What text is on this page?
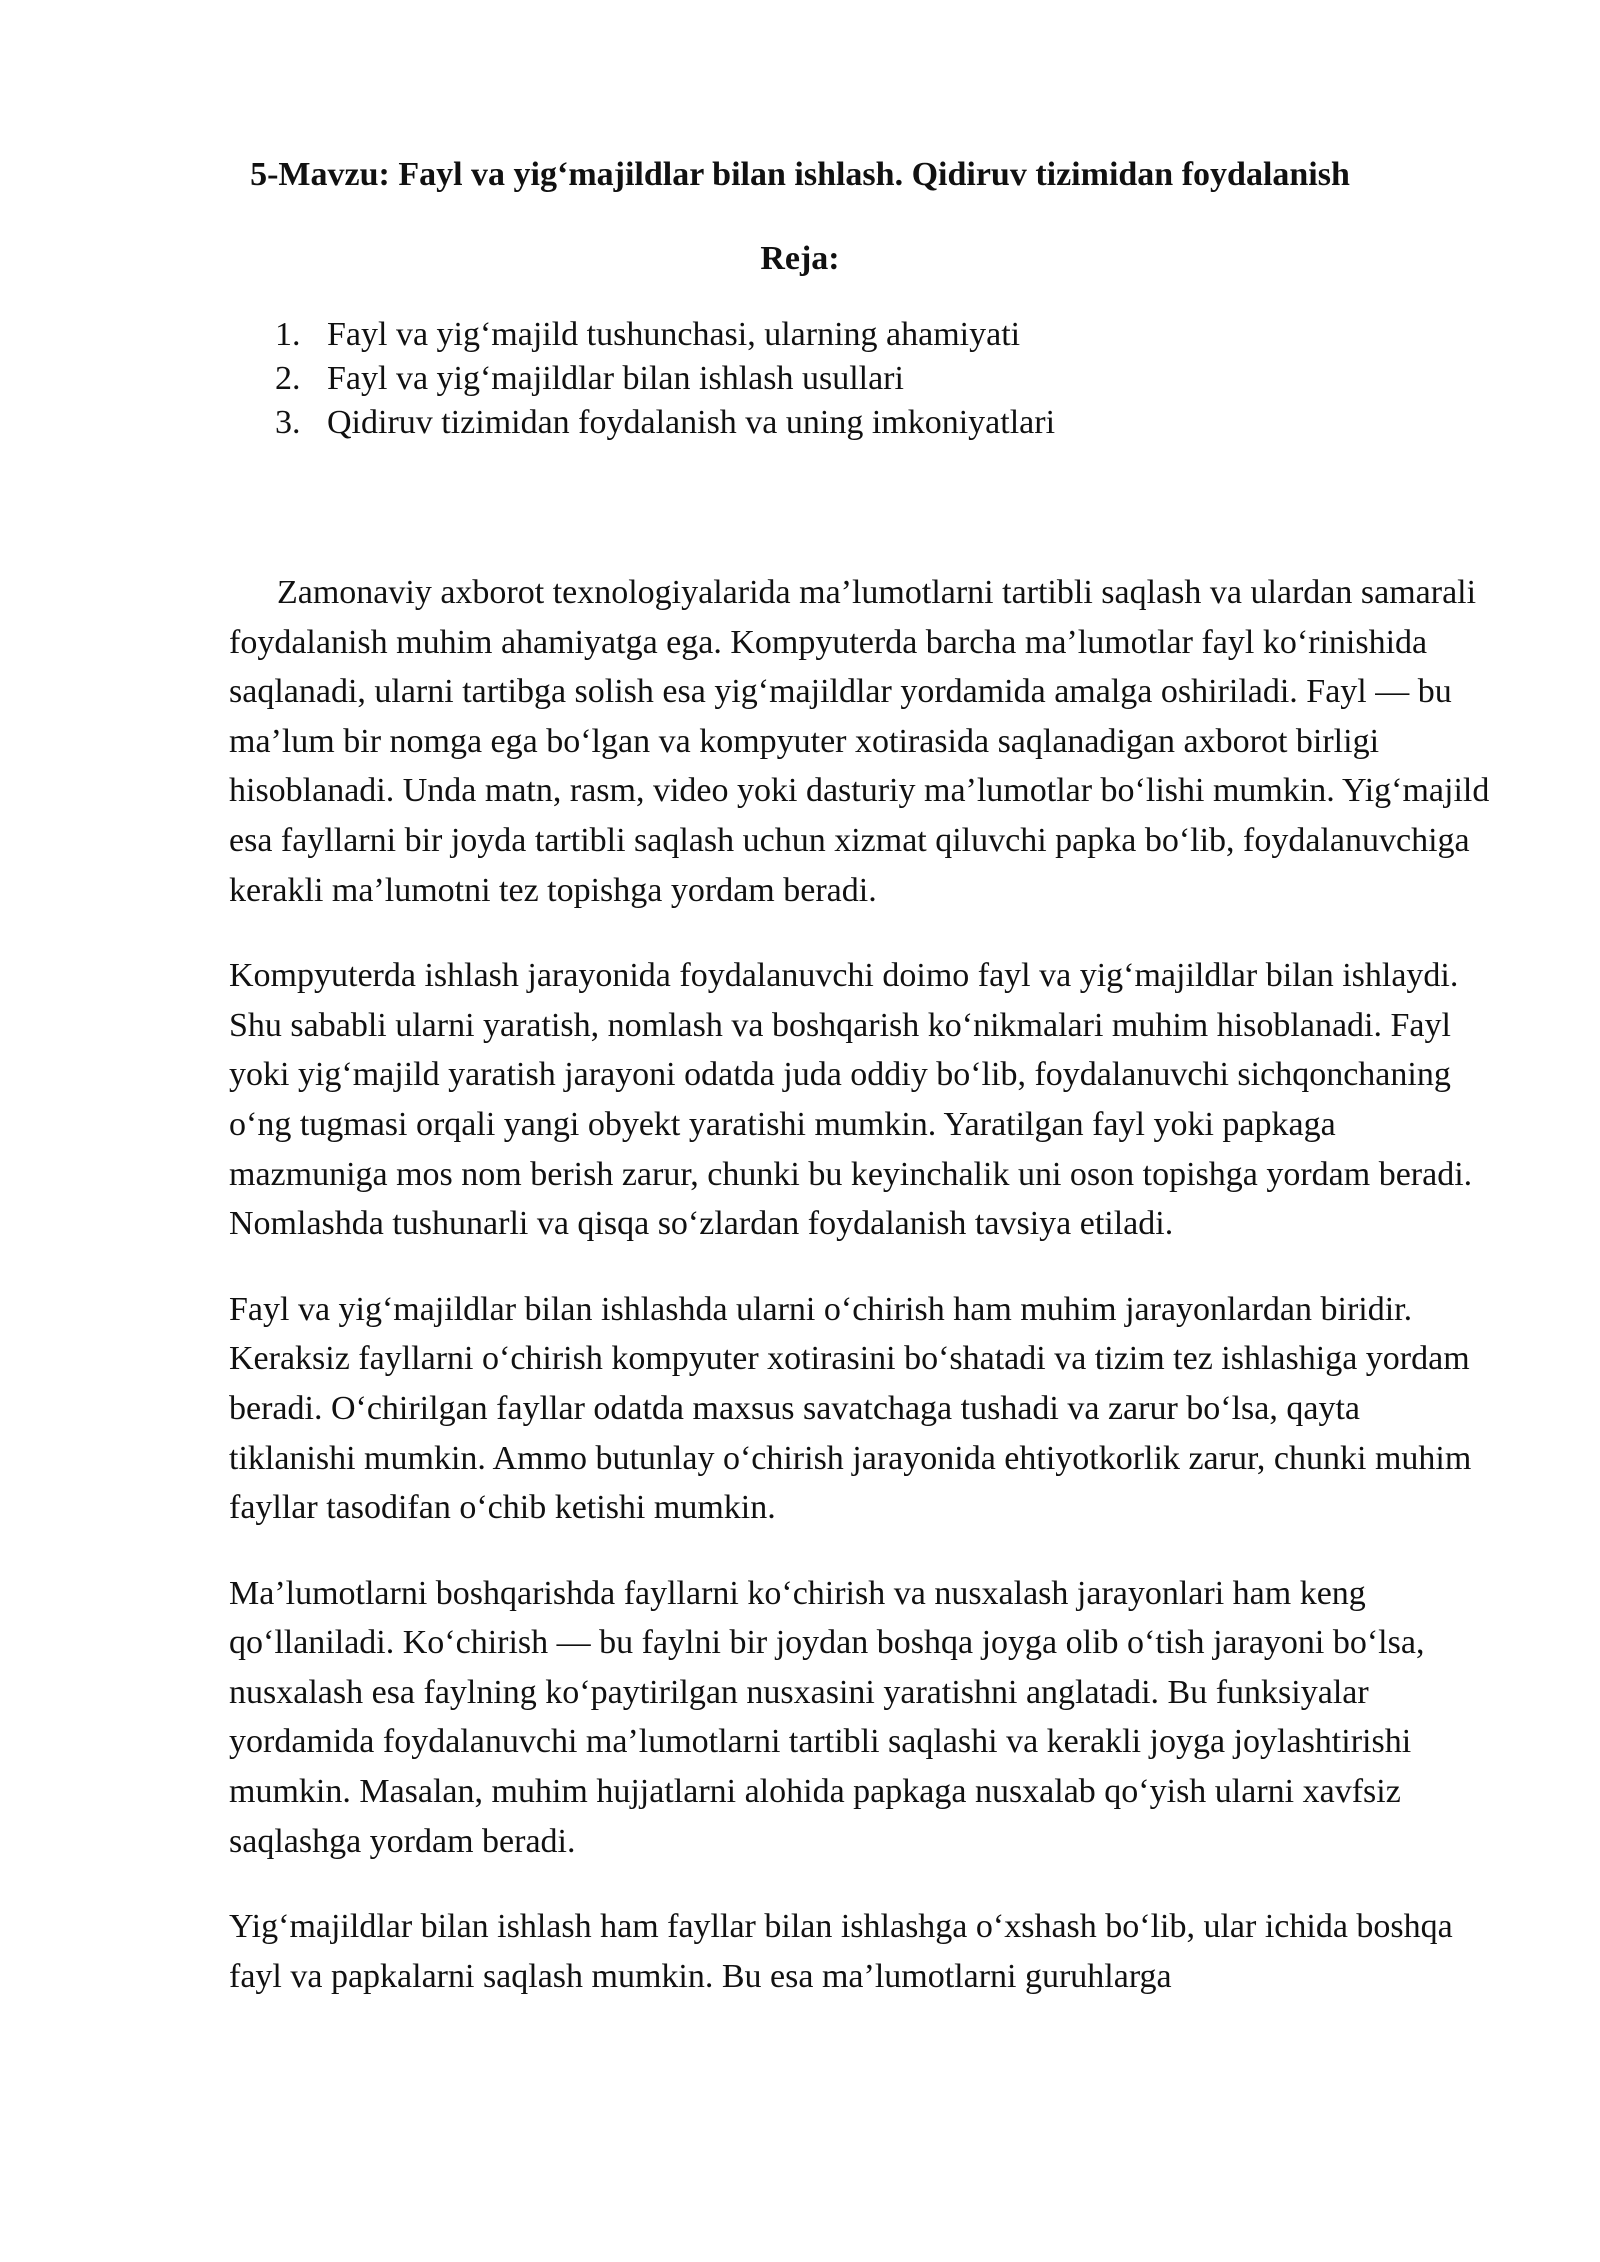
5-Mavzu: Fayl va yig‘majildlar bilan ishlash. Qidiruv tizimidan foydalanish
Reja:
1. Fayl va yig‘majild tushunchasi, ularning ahamiyati
2. Fayl va yig‘majildlar bilan ishlash usullari
3. Qidiruv tizimidan foydalanish va uning imkoniyatlari

Zamonaviy axborot texnologiyalarida ma’lumotlarni tartibli saqlash va ulardan samarali foydalanish muhim ahamiyatga ega. Kompyuterda barcha ma’lumotlar fayl ko‘rinishida saqlanadi, ularni tartibga solish esa yig‘majildlar yordamida amalga oshiriladi. Fayl — bu ma’lum bir nomga ega bo‘lgan va kompyuter xotirasida saqlanadigan axborot birligi hisoblanadi. Unda matn, rasm, video yoki dasturiy ma’lumotlar bo‘lishi mumkin. Yig‘majild esa fayllarni bir joyda tartibli saqlash uchun xizmat qiluvchi papka bo‘lib, foydalanuvchiga kerakli ma’lumotni tez topishga yordam beradi.

Kompyuterda ishlash jarayonida foydalanuvchi doimo fayl va yig‘majildlar bilan ishlaydi. Shu sababli ularni yaratish, nomlash va boshqarish ko‘nikmalari muhim hisoblanadi. Fayl yoki yig‘majild yaratish jarayoni odatda juda oddiy bo‘lib, foydalanuvchi sichqonchaning o‘ng tugmasi orqali yangi obyekt yaratishi mumkin. Yaratilgan fayl yoki papkaga mazmuniga mos nom berish zarur, chunki bu keyinchalik uni oson topishga yordam beradi. Nomlashda tushunarli va qisqa so‘zlardan foydalanish tavsiya etiladi.

Fayl va yig‘majildlar bilan ishlashda ularni o‘chirish ham muhim jarayonlardan biridir. Keraksiz fayllarni o‘chirish kompyuter xotirasini bo‘shatadi va tizim tez ishlashiga yordam beradi. O‘chirilgan fayllar odatda maxsus savatchaga tushadi va zarur bo‘lsa, qayta tiklanishi mumkin. Ammo butunlay o‘chirish jarayonida ehtiyotkorlik zarur, chunki muhim fayllar tasodifan o‘chib ketishi mumkin.

Ma’lumotlarni boshqarishda fayllarni ko‘chirish va nusxalash jarayonlari ham keng qo‘llaniladi. Ko‘chirish — bu faylni bir joydan boshqa joyga olib o‘tish jarayoni bo‘lsa, nusxalash esa faylning ko‘paytirilgan nusxasini yaratishni anglatadi. Bu funksiyalar yordamida foydalanuvchi ma’lumotlarni tartibli saqlashi va kerakli joyga joylashtirishi mumkin. Masalan, muhim hujjatlarni alohida papkaga nusxalab qo‘yish ularni xavfsiz saqlashga yordam beradi.

Yig‘majildlar bilan ishlash ham fayllar bilan ishlashga o‘xshash bo‘lib, ular ichida boshqa fayl va papkalarni saqlash mumkin. Bu esa ma’lumotlarni guruhlarga
